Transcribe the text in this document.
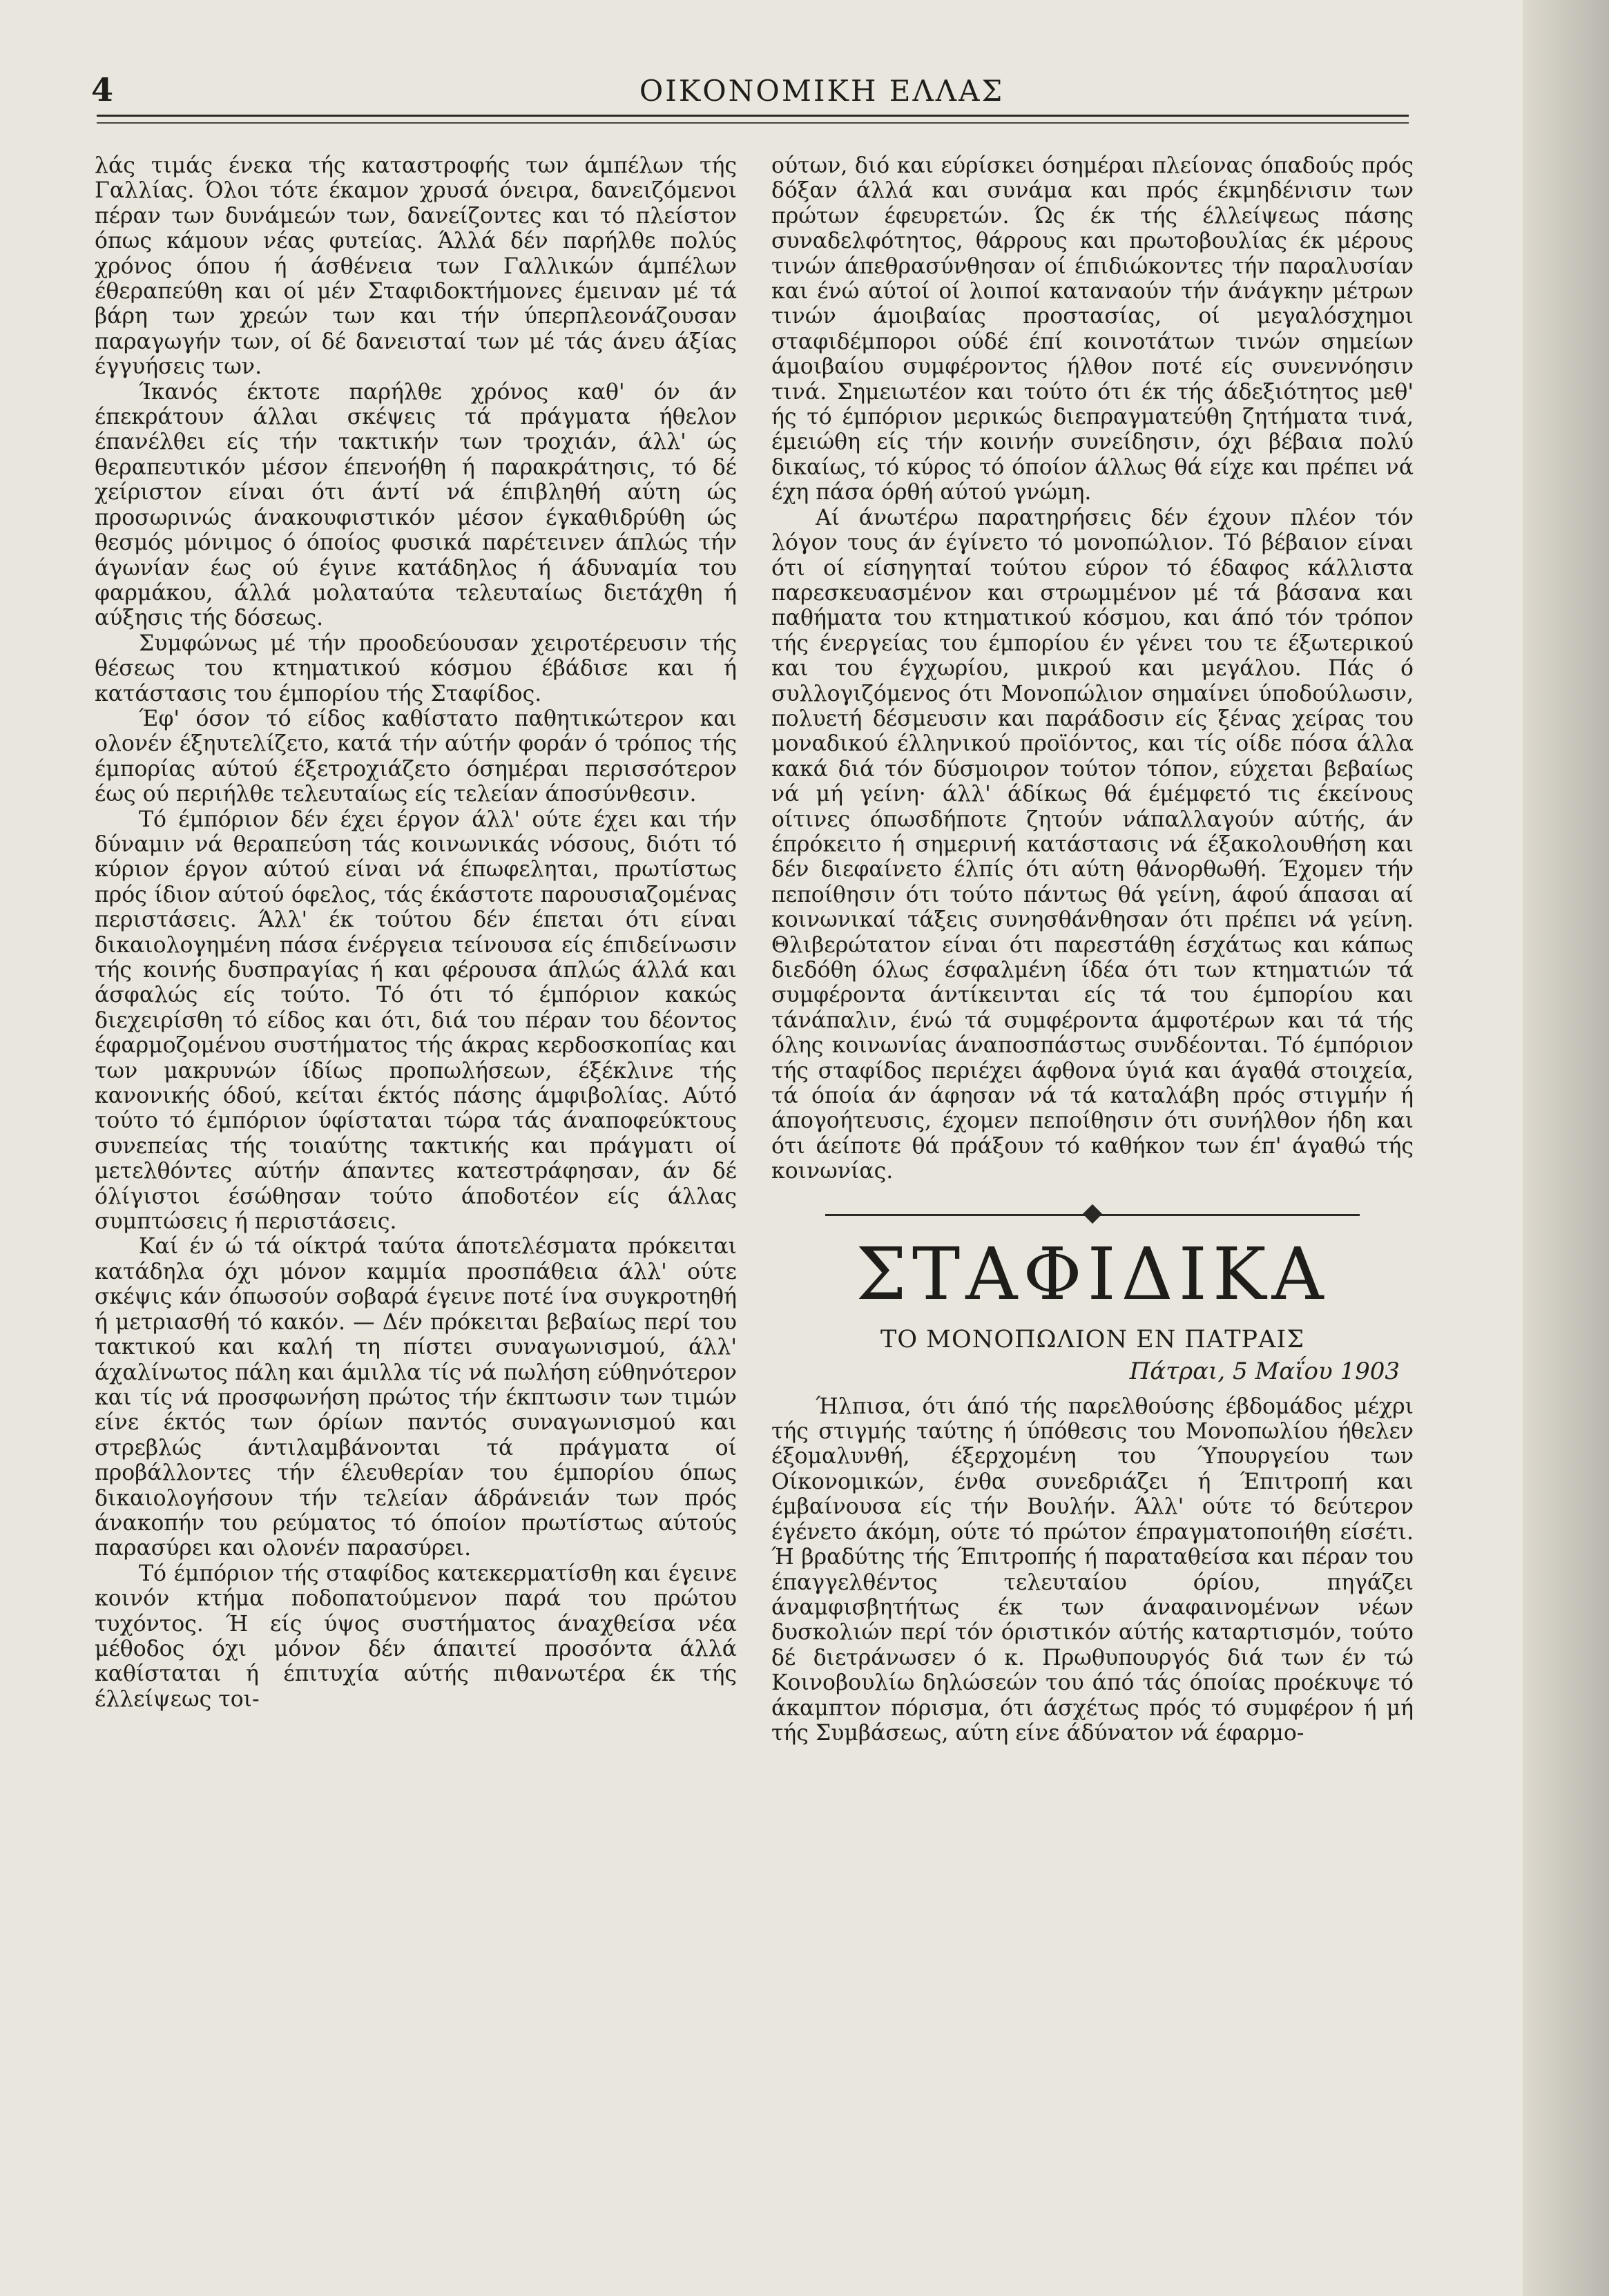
4	ΟΙΚΟΝΟΜΙΚΗ ΕΛΛΑΣ

λάς τιμάς ένεκα τής καταστροφής των άμπέλων τής Γαλλίας. Όλοι τότε έκαμον χρυσά όνειρα, δανειζόμενοι πέραν των δυνάμεών των, δανείζοντες και τό πλείστον όπως κάμουν νέας φυτείας. Άλλά δέν παρήλθε πολύς χρόνος όπου ή άσθένεια των Γαλλικών άμπέλων έθεραπεύθη και οί μέν Σταφιδοκτήμονες έμειναν μέ τά βάρη των χρεών των και τήν ύπερπλεονάζουσαν παραγωγήν των, οί δέ δανεισταί των μέ τάς άνευ άξίας έγγυήσεις των.

Ίκανός έκτοτε παρήλθε χρόνος καθ' όν άν έπεκράτουν άλλαι σκέψεις τά πράγματα ήθελον έπανέλθει είς τήν τακτικήν των τροχιάν, άλλ' ώς θεραπευτικόν μέσον έπενοήθη ή παρακράτησις, τό δέ χείριστον είναι ότι άντί νά έπιβληθή αύτη ώς προσωρινώς άνακουφιστικόν μέσον έγκαθιδρύθη ώς θεσμός μόνιμος ό όποίος φυσικά παρέτεινεν άπλώς τήν άγωνίαν έως ού έγινε κατάδηλος ή άδυναμία του φαρμάκου, άλλά μολαταύτα τελευταίως διετάχθη ή αύξησις τής δόσεως.

Συμφώνως μέ τήν προοδεύουσαν χειροτέρευσιν τής θέσεως του κτηματικού κόσμου έβάδισε και ή κατάστασις του έμπορίου τής Σταφίδος.

Έφ' όσον τό είδος καθίστατο παθητικώτερον και ολονέν έξηυτελίζετο, κατά τήν αύτήν φοράν ό τρόπος τής έμπορίας αύτού έξετροχιάζετο όσημέραι περισσότερον έως ού περιήλθε τελευταίως είς τελείαν άποσύνθεσιν.

Τό έμπόριον δέν έχει έργον άλλ' ούτε έχει και τήν δύναμιν νά θεραπεύση τάς κοινωνικάς νόσους, διότι τό κύριον έργον αύτού είναι νά έπωφεληται, πρωτίστως πρός ίδιον αύτού όφελος, τάς έκάστοτε παρουσιαζομένας περιστάσεις. Άλλ' έκ τούτου δέν έπεται ότι είναι δικαιολογημένη πάσα ένέργεια τείνουσα είς έπιδείνωσιν τής κοινής δυσπραγίας ή και φέρουσα άπλώς άλλά και άσφαλώς είς τούτο. Τό ότι τό έμπόριον κακώς διεχειρίσθη τό είδος και ότι, διά του πέραν του δέοντος έφαρμοζομένου συστήματος τής άκρας κερδοσκοπίας και των μακρυνών ίδίως προπωλήσεων, έξέκλινε τής κανονικής όδού, κείται έκτός πάσης άμφιβολίας. Αύτό τούτο τό έμπόριον ύφίσταται τώρα τάς άναποφεύκτους συνεπείας τής τοιαύτης τακτικής και πράγματι οί μετελθόντες αύτήν άπαντες κατεστράφησαν, άν δέ όλίγιστοι έσώθησαν τούτο άποδοτέον είς άλλας συμπτώσεις ή περιστάσεις.

Καί έν ώ τά οίκτρά ταύτα άποτελέσματα πρόκειται κατάδηλα όχι μόνον καμμία προσπάθεια άλλ' ούτε σκέψις κάν όπωσούν σοβαρά έγεινε ποτέ ίνα συγκροτηθή ή μετριασθή τό κακόν. — Δέν πρόκειται βεβαίως περί του τακτικού και καλή τη πίστει συναγωνισμού, άλλ' άχαλίνωτος πάλη και άμιλλα τίς νά πωλήση εύθηνότερον και τίς νά προσφωνήση πρώτος τήν έκπτωσιν των τιμών είνε έκτός των όρίων παντός συναγωνισμού και στρεβλώς άντιλαμβάνονται τά πράγματα οί προβάλλοντες τήν έλευθερίαν του έμπορίου όπως δικαιολογήσουν τήν τελείαν άδράνειάν των πρός άνακοπήν του ρεύματος τό όποίον πρωτίστως αύτούς παρασύρει και ολονέν παρασύρει.

Τό έμπόριον τής σταφίδος κατεκερματίσθη και έγεινε κοινόν κτήμα ποδοπατούμενον παρά του πρώτου τυχόντος. Ή είς ύψος συστήματος άναχθείσα νέα μέθοδος όχι μόνον δέν άπαιτεί προσόντα άλλά καθίσταται ή έπιτυχία αύτής πιθανωτέρα έκ τής έλλείψεως τοι-

ούτων, διό και εύρίσκει όσημέραι πλείονας όπαδούς πρός δόξαν άλλά και συνάμα και πρός έκμηδένισιν των πρώτων έφευρετών. Ώς έκ τής έλλείψεως πάσης συναδελφότητος, θάρρους και πρωτοβουλίας έκ μέρους τινών άπεθρασύνθησαν οί έπιδιώκοντες τήν παραλυσίαν και ένώ αύτοί οί λοιποί καταναούν τήν άνάγκην μέτρων τινών άμοιβαίας προστασίας, οί μεγαλόσχημοι σταφιδέμποροι ούδέ έπί κοινοτάτων τινών σημείων άμοιβαίου συμφέροντος ήλθον ποτέ είς συνεννόησιν τινά. Σημειωτέον και τούτο ότι έκ τής άδεξιότητος μεθ' ής τό έμπόριον μερικώς διεπραγματεύθη ζητήματα τινά, έμειώθη είς τήν κοινήν συνείδησιν, όχι βέβαια πολύ δικαίως, τό κύρος τό όποίον άλλως θά είχε και πρέπει νά έχη πάσα όρθή αύτού γνώμη.

Αί άνωτέρω παρατηρήσεις δέν έχουν πλέον τόν λόγον τους άν έγίνετο τό μονοπώλιον. Τό βέβαιον είναι ότι οί είσηγηταί τούτου εύρον τό έδαφος κάλλιστα παρεσκευασμένον και στρωμμένον μέ τά βάσανα και παθήματα του κτηματικού κόσμου, και άπό τόν τρόπον τής ένεργείας του έμπορίου έν γένει του τε έξωτερικού και του έγχωρίου, μικρού και μεγάλου. Πάς ό συλλογιζόμενος ότι Μονοπώλιον σημαίνει ύποδούλωσιν, πολυετή δέσμευσιν και παράδοσιν είς ξένας χείρας του μοναδικού έλληνικού προϊόντος, και τίς οίδε πόσα άλλα κακά διά τόν δύσμοιρον τούτον τόπον, εύχεται βεβαίως νά μή γείνη· άλλ' άδίκως θά έμέμφετό τις έκείνους οίτινες όπωσδήποτε ζητούν νάπαλλαγούν αύτής, άν έπρόκειτο ή σημερινή κατάστασις νά έξακολουθήση και δέν διεφαίνετο έλπίς ότι αύτη θάνορθωθή. Έχομεν τήν πεποίθησιν ότι τούτο πάντως θά γείνη, άφού άπασαι αί κοινωνικαί τάξεις συνησθάνθησαν ότι πρέπει νά γείνη. Θλιβερώτατον είναι ότι παρεστάθη έσχάτως και κάπως διεδόθη όλως έσφαλμένη ίδέα ότι των κτηματιών τά συμφέροντα άντίκεινται είς τά του έμπορίου και τάνάπαλιν, ένώ τά συμφέροντα άμφοτέρων και τά τής όλης κοινωνίας άναποσπάστως συνδέονται. Τό έμπόριον τής σταφίδος περιέχει άφθονα ύγιά και άγαθά στοιχεία, τά όποία άν άφησαν νά τά καταλάβη πρός στιγμήν ή άπογοήτευσις, έχομεν πεποίθησιν ότι συνήλθον ήδη και ότι άείποτε θά πράξουν τό καθήκον των έπ' άγαθώ τής κοινωνίας.

ΣΤΑΦΙΔΙΚΑ
ΤΟ ΜΟΝΟΠΩΛΙΟΝ ΕΝ ΠΑΤΡΑΙΣ
Πάτραι, 5 Μαΐου 1903

Ήλπισα, ότι άπό τής παρελθούσης έβδομάδος μέχρι τής στιγμής ταύτης ή ύπόθεσις του Μονοπωλίου ήθελεν έξομαλυνθή, έξερχομένη του Ύπουργείου των Οίκονομικών, ένθα συνεδριάζει ή Έπιτροπή και έμβαίνουσα είς τήν Βουλήν. Άλλ' ούτε τό δεύτερον έγένετο άκόμη, ούτε τό πρώτον έπραγματοποιήθη είσέτι. Ή βραδύτης τής Έπιτροπής ή παραταθείσα και πέραν του έπαγγελθέντος τελευταίου όρίου, πηγάζει άναμφισβητήτως έκ των άναφαινομένων νέων δυσκολιών περί τόν όριστικόν αύτής καταρτισμόν, τούτο δέ διετράνωσεν ό κ. Πρωθυπουργός διά των έν τώ Κοινοβουλίω δηλώσεών του άπό τάς όποίας προέκυψε τό άκαμπτον πόρισμα, ότι άσχέτως πρός τό συμφέρον ή μή τής Συμβάσεως, αύτη είνε άδύνατον νά έφαρμο-
